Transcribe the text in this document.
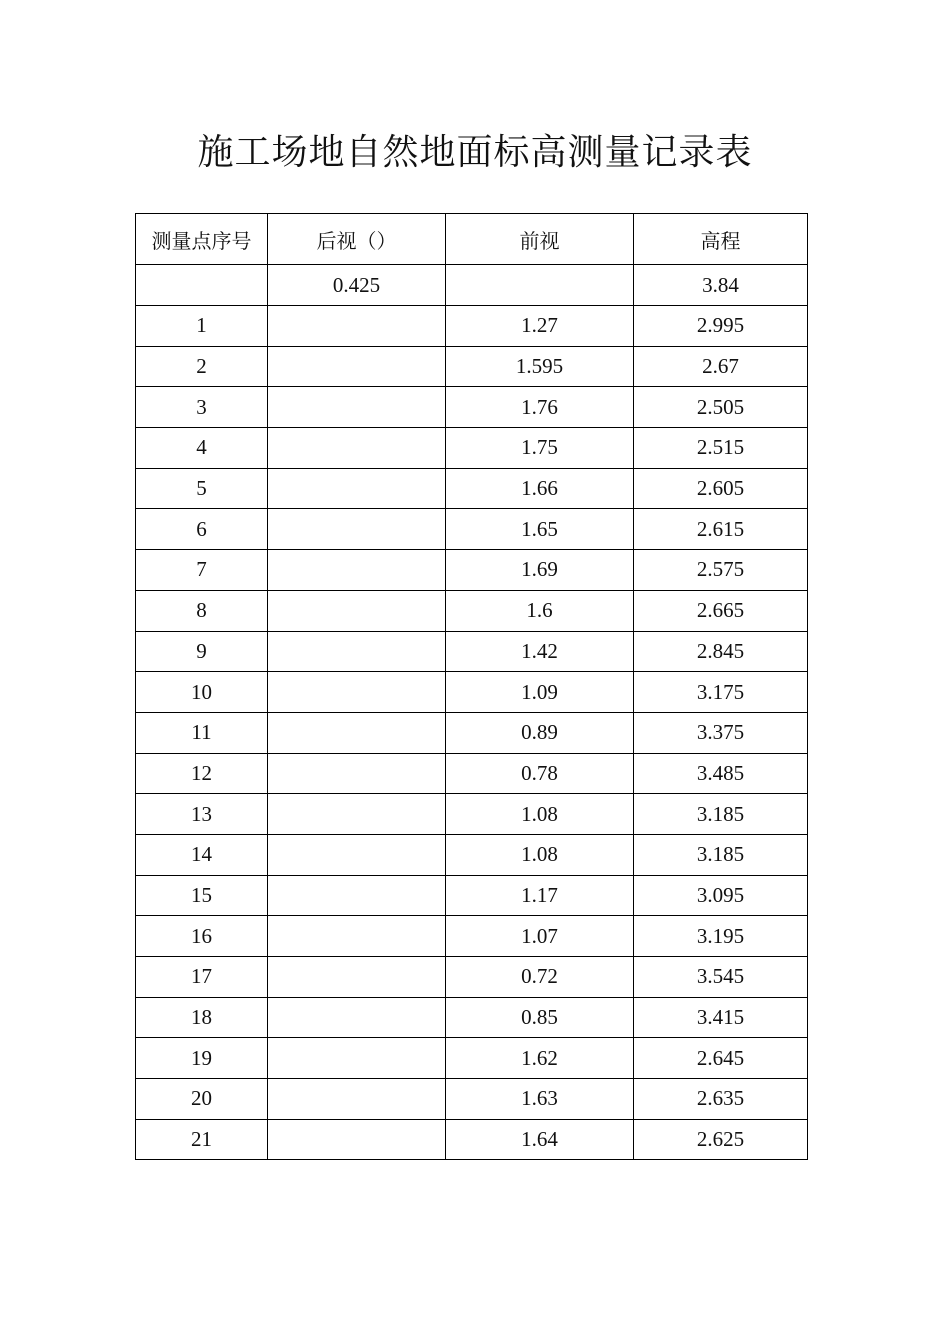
施工场地自然地面标高测量记录表
测量点序号	后视（）	前视	高程
	0.425		3.84
1		1.27	2.995
2		1.595	2.67
3		1.76	2.505
4		1.75	2.515
5		1.66	2.605
6		1.65	2.615
7		1.69	2.575
8		1.6	2.665
9		1.42	2.845
10		1.09	3.175
11		0.89	3.375
12		0.78	3.485
13		1.08	3.185
14		1.08	3.185
15		1.17	3.095
16		1.07	3.195
17		0.72	3.545
18		0.85	3.415
19		1.62	2.645
20		1.63	2.635
21		1.64	2.625
